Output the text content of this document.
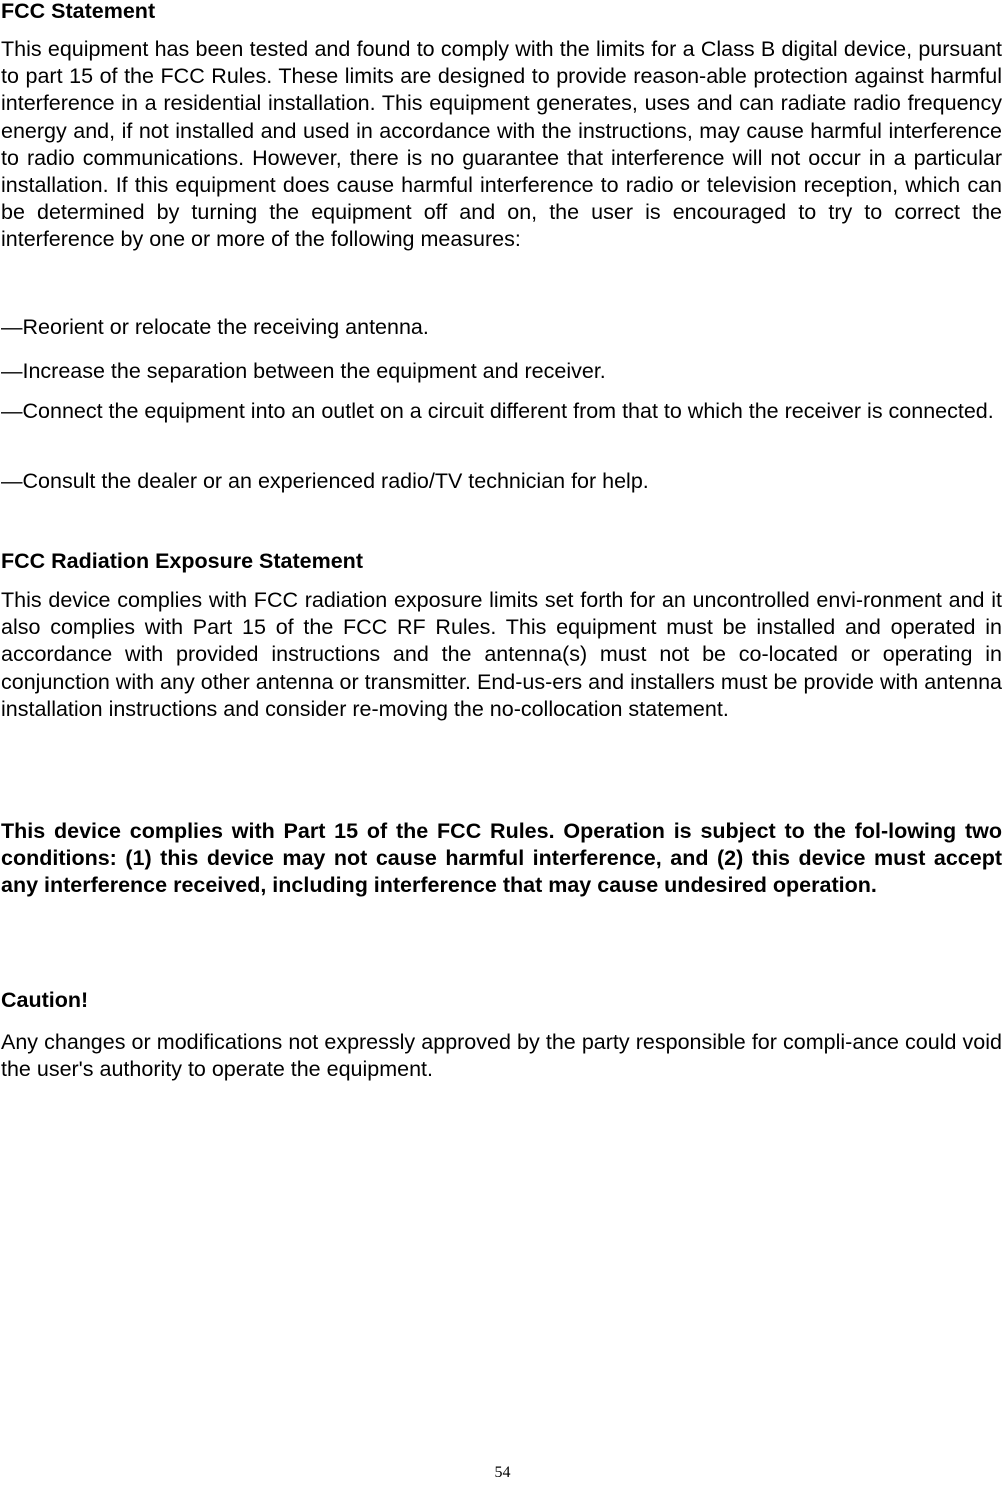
FCC Statement

This equipment has been tested and found to comply with the limits for a Class B digital device, pursuant to part 15 of the FCC Rules. These limits are designed to provide reason-able protection against harmful interference in a residential installation. This equipment generates, uses and can radiate radio frequency energy and, if not installed and used in accordance with the instructions, may cause harmful interference to radio communications. However, there is no guarantee that interference will not occur in a particular installation. If this equipment does cause harmful interference to radio or television reception, which can be determined by turning the equipment off and on, the user is encouraged to try to correct the interference by one or more of the following measures:

—Reorient or relocate the receiving antenna.

—Increase the separation between the equipment and receiver.

—Connect the equipment into an outlet on a circuit different from that to which the receiver is connected.

—Consult the dealer or an experienced radio/TV technician for help.

FCC Radiation Exposure Statement

This device complies with FCC radiation exposure limits set forth for an uncontrolled envi-ronment and it also complies with Part 15 of the FCC RF Rules. This equipment must be installed and operated in accordance with provided instructions and the antenna(s) must not be co-located or operating in conjunction with any other antenna or transmitter. End-us-ers and installers must be provide with antenna installation instructions and consider re-moving the no-collocation statement.

This device complies with Part 15 of the FCC Rules. Operation is subject to the fol-lowing two conditions: (1) this device may not cause harmful interference, and (2) this device must accept any interference received, including interference that may cause undesired operation.

Caution!

Any changes or modifications not expressly approved by the party responsible for compli-ance could void the user's authority to operate the equipment.

54
